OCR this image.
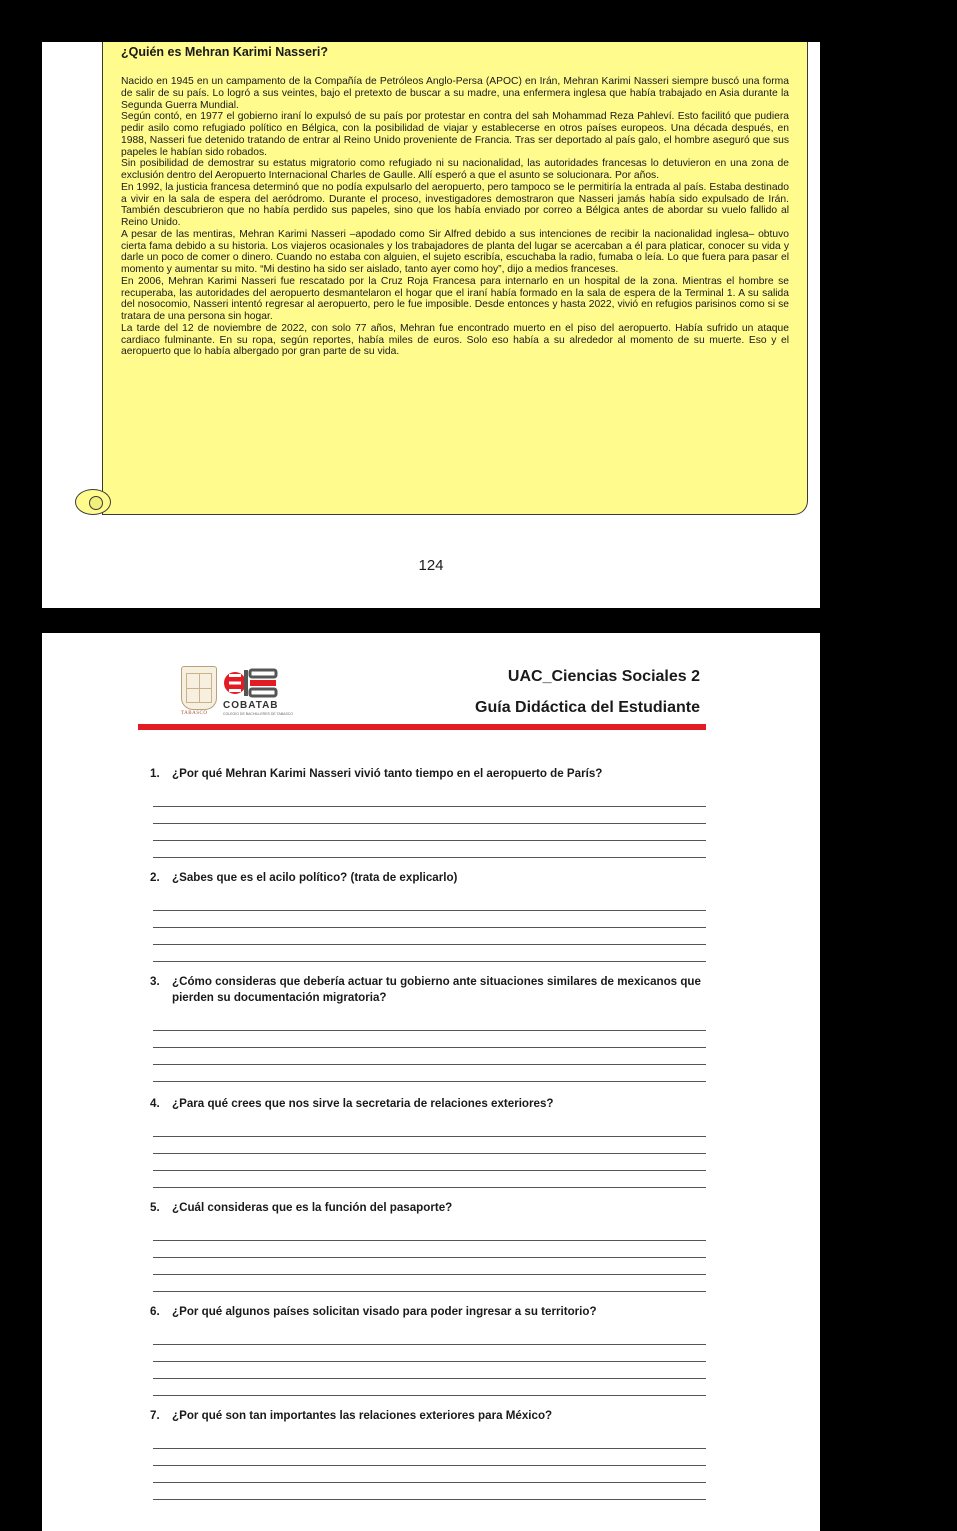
¿Quién es Mehran Karimi Nasseri?

Nacido en 1945 en un campamento de la Compañía de Petróleos Anglo-Persa (APOC) en Irán, Mehran Karimi Nasseri siempre buscó una forma de salir de su país. Lo logró a sus veintes, bajo el pretexto de buscar a su madre, una enfermera inglesa que había trabajado en Asia durante la Segunda Guerra Mundial.

Según contó, en 1977 el gobierno iraní lo expulsó de su país por protestar en contra del sah Mohammad Reza Pahleví. Esto facilitó que pudiera pedir asilo como refugiado político en Bélgica, con la posibilidad de viajar y establecerse en otros países europeos. Una década después, en 1988, Nasseri fue detenido tratando de entrar al Reino Unido proveniente de Francia. Tras ser deportado al país galo, el hombre aseguró que sus papeles le habían sido robados.

Sin posibilidad de demostrar su estatus migratorio como refugiado ni su nacionalidad, las autoridades francesas lo detuvieron en una zona de exclusión dentro del Aeropuerto Internacional Charles de Gaulle. Allí esperó a que el asunto se solucionara. Por años.

En 1992, la justicia francesa determinó que no podía expulsarlo del aeropuerto, pero tampoco se le permitiría la entrada al país. Estaba destinado a vivir en la sala de espera del aeródromo. Durante el proceso, investigadores demostraron que Nasseri jamás había sido expulsado de Irán. También descubrieron que no había perdido sus papeles, sino que los había enviado por correo a Bélgica antes de abordar su vuelo fallido al Reino Unido.

A pesar de las mentiras, Mehran Karimi Nasseri –apodado como Sir Alfred debido a sus intenciones de recibir la nacionalidad inglesa– obtuvo cierta fama debido a su historia. Los viajeros ocasionales y los trabajadores de planta del lugar se acercaban a él para platicar, conocer su vida y darle un poco de comer o dinero. Cuando no estaba con alguien, el sujeto escribía, escuchaba la radio, fumaba o leía. Lo que fuera para pasar el momento y aumentar su mito. “Mi destino ha sido ser aislado, tanto ayer como hoy”, dijo a medios franceses.

En 2006, Mehran Karimi Nasseri fue rescatado por la Cruz Roja Francesa para internarlo en un hospital de la zona. Mientras el hombre se recuperaba, las autoridades del aeropuerto desmantelaron el hogar que el iraní había formado en la sala de espera de la Terminal 1. A su salida del nosocomio, Nasseri intentó regresar al aeropuerto, pero le fue imposible. Desde entonces y hasta 2022, vivió en refugios parisinos como si se tratara de una persona sin hogar.

La tarde del 12 de noviembre de 2022, con solo 77 años, Mehran fue encontrado muerto en el piso del aeropuerto. Había sufrido un ataque cardiaco fulminante. En su ropa, según reportes, había miles de euros. Solo eso había a su alrededor al momento de su muerte. Eso y el aeropuerto que lo había albergado por gran parte de su vida.

124
TABASCO
COBATAB
COLEGIO DE BACHILLERES DE TABASCO
UAC_Ciencias Sociales 2
Guía Didáctica del Estudiante
1.	¿Por qué Mehran Karimi Nasseri vivió tanto tiempo en el aeropuerto de París?
2.	¿Sabes que es el acilo político? (trata de explicarlo)
3.	¿Cómo consideras que debería actuar tu gobierno ante situaciones similares de mexicanos que pierden su documentación migratoria?
4.	¿Para qué crees que nos sirve la secretaria de relaciones exteriores?
5.	¿Cuál consideras que es la función del pasaporte?
6.	¿Por qué algunos países solicitan visado para poder ingresar a su territorio?
7.	¿Por qué son tan importantes las relaciones exteriores para México?
